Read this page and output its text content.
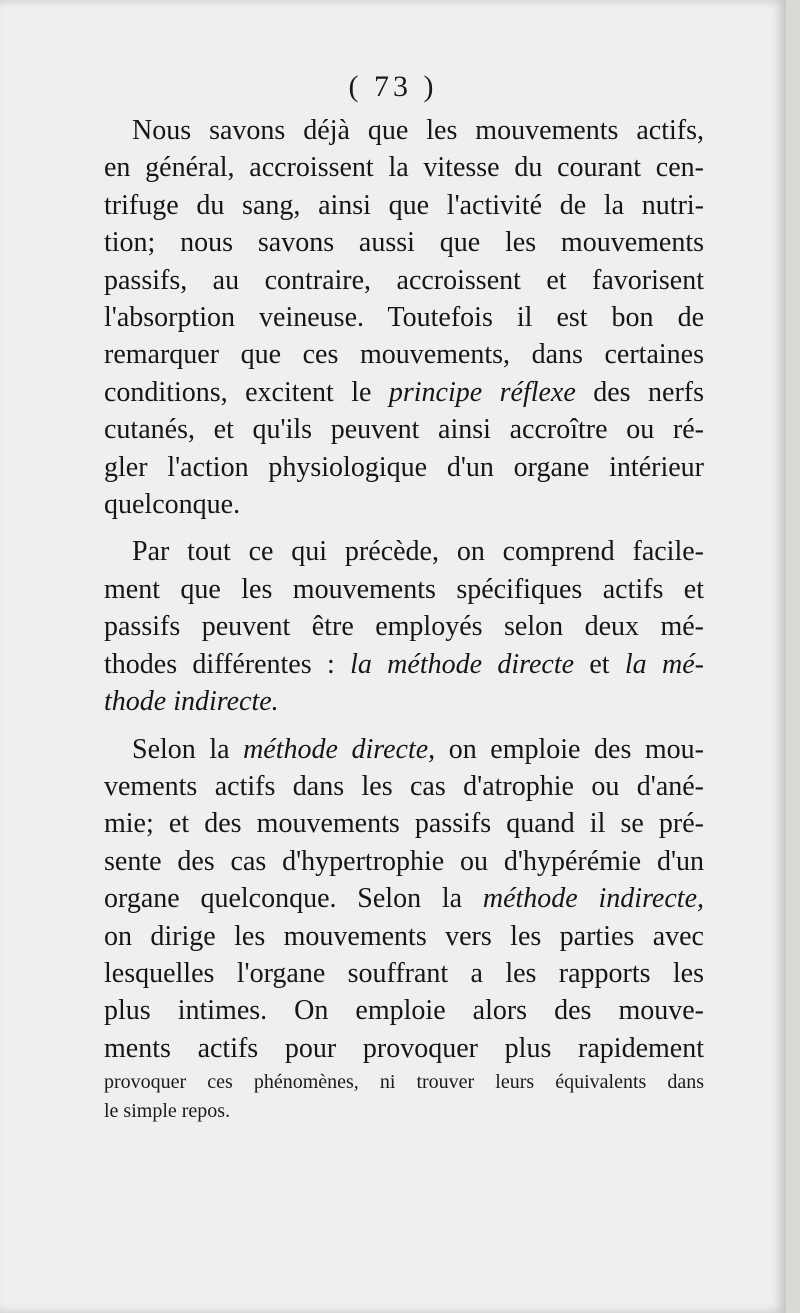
( 73 )
Nous savons déjà que les mouvements actifs,
en général, accroissent la vitesse du courant cen-
trifuge du sang, ainsi que l'activité de la nutri-
tion; nous savons aussi que les mouvements
passifs, au contraire, accroissent et favorisent
l'absorption veineuse. Toutefois il est bon de
remarquer que ces mouvements, dans certaines
conditions, excitent le principe réflexe des nerfs
cutanés, et qu'ils peuvent ainsi accroître ou ré-
gler l'action physiologique d'un organe intérieur
quelconque.
Par tout ce qui précède, on comprend facile-
ment que les mouvements spécifiques actifs et
passifs peuvent être employés selon deux mé-
thodes différentes : la méthode directe et la mé-
thode indirecte.
Selon la méthode directe, on emploie des mou-
vements actifs dans les cas d'atrophie ou d'ané-
mie; et des mouvements passifs quand il se pré-
sente des cas d'hypertrophie ou d'hypérémie d'un
organe quelconque. Selon la méthode indirecte,
on dirige les mouvements vers les parties avec
lesquelles l'organe souffrant a les rapports les
plus intimes. On emploie alors des mouve-
ments actifs pour provoquer plus rapidement
provoquer ces phénomènes, ni trouver leurs équivalents dans
le simple repos.
